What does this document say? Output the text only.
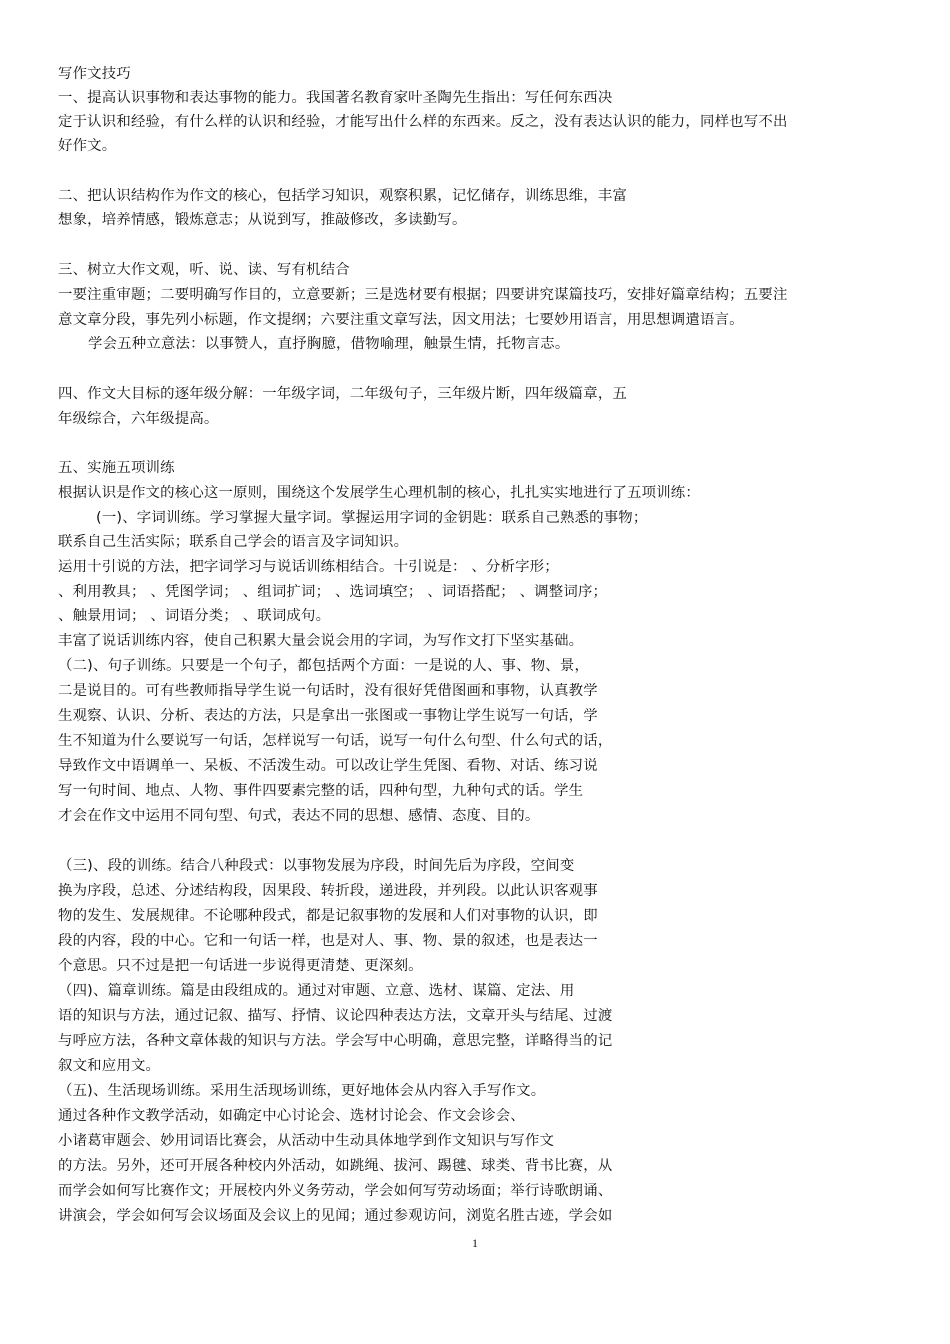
写作文技巧
一、提高认识事物和表达事物的能力。我国著名教育家叶圣陶先生指出：写任何东西决
定于认识和经验，有什么样的认识和经验，才能写出什么样的东西来。反之，没有表达认识的能力，同样也写不出
好作文。
二、把认识结构作为作文的核心，包括学习知识，观察积累，记忆储存，训练思维，丰富
想象，培养情感，锻炼意志；从说到写，推敲修改，多读勤写。
三、树立大作文观，听、说、读、写有机结合
一要注重审题；二要明确写作目的，立意要新；三是选材要有根据；四要讲究谋篇技巧，安排好篇章结构；五要注
意文章分段，事先列小标题，作文提纲；六要注重文章写法，因文用法；七要妙用语言，用思想调遣语言。
学会五种立意法：以事赞人，直抒胸臆，借物喻理，触景生情，托物言志。
四、作文大目标的逐年级分解：一年级字词，二年级句子，三年级片断，四年级篇章，五
年级综合，六年级提高。
五、实施五项训练
根据认识是作文的核心这一原则，围绕这个发展学生心理机制的核心，扎扎实实地进行了五项训练：
(一)、字词训练。学习掌握大量字词。掌握运用字词的金钥匙：联系自己熟悉的事物；
联系自己生活实际；联系自己学会的语言及字词知识。
运用十引说的方法，把字词学习与说话训练相结合。十引说是： 、分析字形；
、利用教具； 、凭图学词； 、组词扩词； 、选词填空； 、词语搭配； 、调整词序；
、触景用词； 、词语分类； 、联词成句。
丰富了说话训练内容，使自己积累大量会说会用的字词，为写作文打下坚实基础。
（二)、句子训练。只要是一个句子，都包括两个方面：一是说的人、事、物、景，
二是说目的。可有些教师指导学生说一句话时，没有很好凭借图画和事物，认真教学
生观察、认识、分析、表达的方法，只是拿出一张图或一事物让学生说写一句话，学
生不知道为什么要说写一句话，怎样说写一句话，说写一句什么句型、什么句式的话，
导致作文中语调单一、呆板、不活泼生动。可以改让学生凭图、看物、对话、练习说
写一句时间、地点、人物、事件四要素完整的话，四种句型，九种句式的话。学生
才会在作文中运用不同句型、句式，表达不同的思想、感情、态度、目的。
（三)、段的训练。结合八种段式：以事物发展为序段，时间先后为序段，空间变
换为序段，总述、分述结构段，因果段、转折段，递进段，并列段。以此认识客观事
物的发生、发展规律。不论哪种段式，都是记叙事物的发展和人们对事物的认识，即
段的内容，段的中心。它和一句话一样，也是对人、事、物、景的叙述，也是表达一
个意思。只不过是把一句话进一步说得更清楚、更深刻。
（四)、篇章训练。篇是由段组成的。通过对审题、立意、选材、谋篇、定法、用
语的知识与方法，通过记叙、描写、抒情、议论四种表达方法，文章开头与结尾、过渡
与呼应方法，各种文章体裁的知识与方法。学会写中心明确，意思完整，详略得当的记
叙文和应用文。
（五)、生活现场训练。采用生活现场训练，更好地体会从内容入手写作文。
通过各种作文教学活动，如确定中心讨论会、选材讨论会、作文会诊会、
小诸葛审题会、妙用词语比赛会，从活动中生动具体地学到作文知识与写作文
的方法。另外，还可开展各种校内外活动，如跳绳、拔河、踢毽、球类、背书比赛，从
而学会如何写比赛作文；开展校内外义务劳动，学会如何写劳动场面；举行诗歌朗诵、
讲演会，学会如何写会议场面及会议上的见闻；通过参观访问，浏览名胜古迹，学会如
1
